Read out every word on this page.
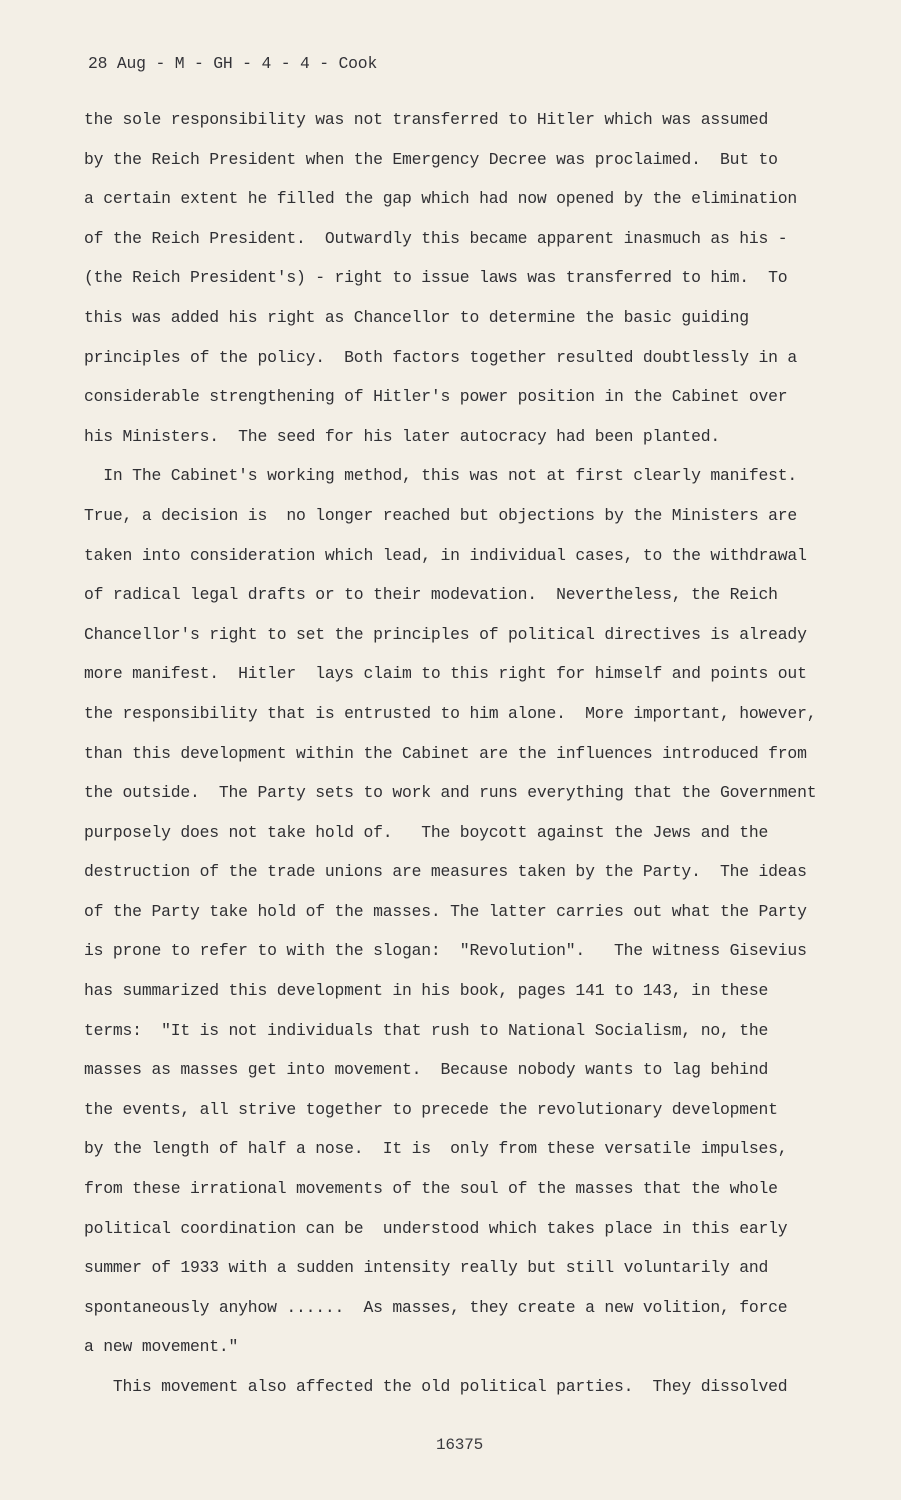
28 Aug - M - GH - 4 - 4 - Cook
the sole responsibility was not transferred to Hitler which was assumed
by the Reich President when the Emergency Decree was proclaimed.  But to
a certain extent he filled the gap which had now opened by the elimination
of the Reich President.  Outwardly this became apparent inasmuch as his -
(the Reich President's) - right to issue laws was transferred to him.  To
this was added his right as Chancellor to determine the basic guiding
principles of the policy.  Both factors together resulted doubtlessly in a
considerable strengthening of Hitler's power position in the Cabinet over
his Ministers.  The seed for his later autocracy had been planted.
In The Cabinet's working method, this was not at first clearly manifest.
True, a decision is  no longer reached but objections by the Ministers are
taken into consideration which lead, in individual cases, to the withdrawal
of radical legal drafts or to their modevation.  Nevertheless, the Reich
Chancellor's right to set the principles of political directives is already
more manifest.  Hitler  lays claim to this right for himself and points out
the responsibility that is entrusted to him alone.  More important, however,
than this development within the Cabinet are the influences introduced from
the outside.  The Party sets to work and runs everything that the Government
purposely does not take hold of.   The boycott against the Jews and the
destruction of the trade unions are measures taken by the Party.  The ideas
of the Party take hold of the masses. The latter carries out what the Party
is prone to refer to with the slogan:  "Revolution".   The witness Gisevius
has summarized this development in his book, pages 141 to 143, in these
terms:  "It is not individuals that rush to National Socialism, no, the
masses as masses get into movement.  Because nobody wants to lag behind
the events, all strive together to precede the revolutionary development
by the length of half a nose.  It is  only from these versatile impulses,
from these irrational movements of the soul of the masses that the whole
political coordination can be  understood which takes place in this early
summer of 1933 with a sudden intensity really but still voluntarily and
spontaneously anyhow ......  As masses, they create a new volition, force
a new movement."
This movement also affected the old political parties.  They dissolved
16375
